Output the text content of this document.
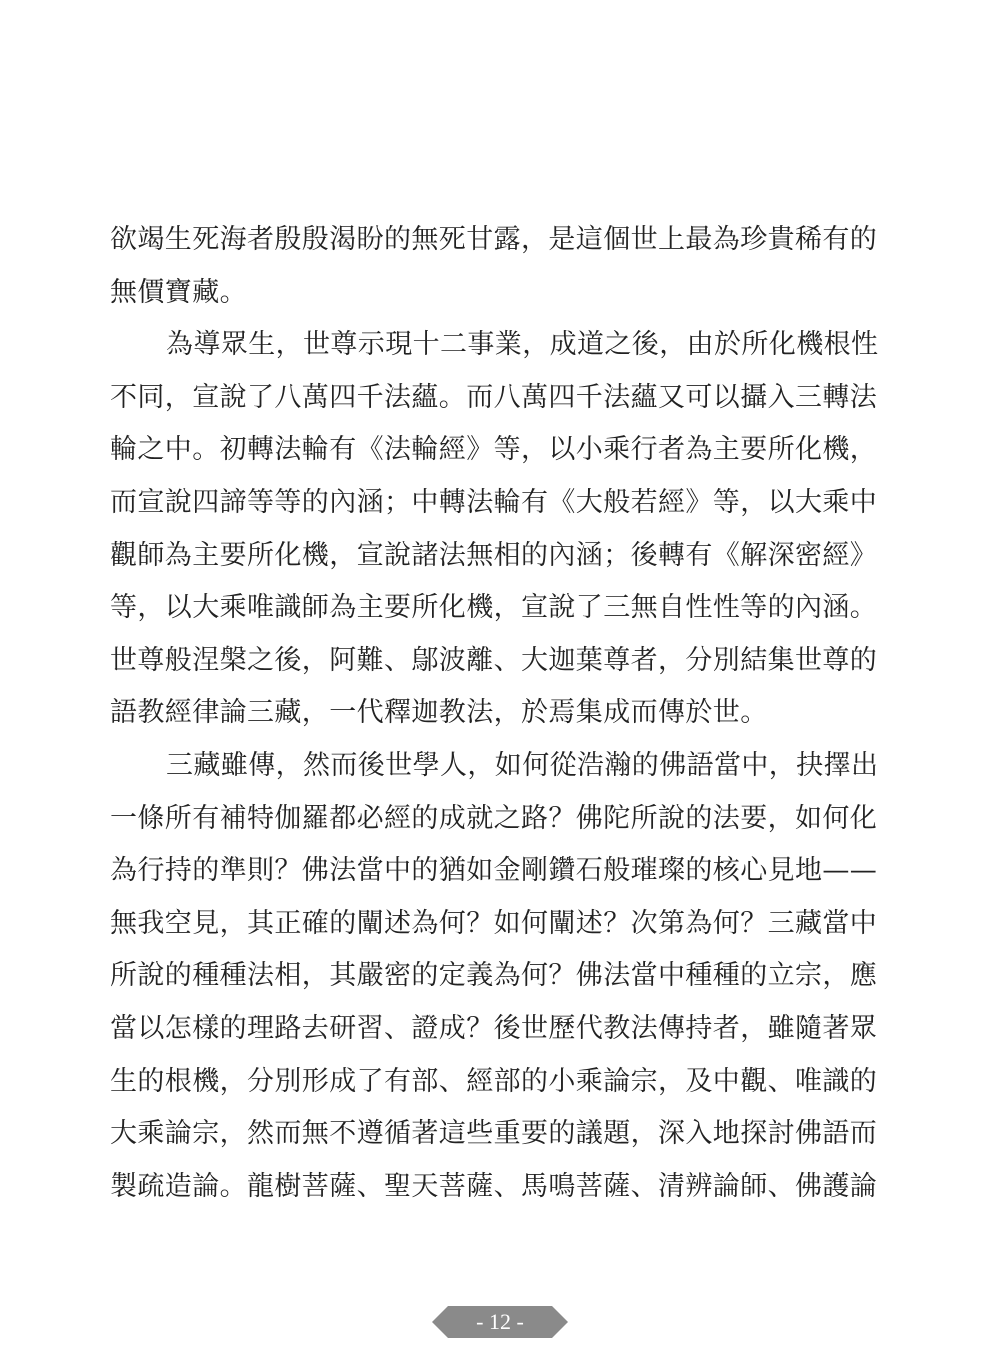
欲竭生死海者殷殷渴盼的無死甘露，是這個世上最為珍貴稀有的
無價寶藏。
為導眾生，世尊示現十二事業，成道之後，由於所化機根性
不同，宣說了八萬四千法蘊。而八萬四千法蘊又可以攝入三轉法
輪之中。初轉法輪有《法輪經》等，以小乘行者為主要所化機，
而宣說四諦等等的內涵；中轉法輪有《大般若經》等，以大乘中
觀師為主要所化機，宣說諸法無相的內涵；後轉有《解深密經》
等，以大乘唯識師為主要所化機，宣說了三無自性性等的內涵。
世尊般涅槃之後，阿難、鄔波離、大迦葉尊者，分別結集世尊的
語教經律論三藏，一代釋迦教法，於焉集成而傳於世。
三藏雖傳，然而後世學人，如何從浩瀚的佛語當中，抉擇出
一條所有補特伽羅都必經的成就之路？佛陀所說的法要，如何化
為行持的準則？佛法當中的猶如金剛鑽石般璀璨的核心見地——
無我空見，其正確的闡述為何？如何闡述？次第為何？三藏當中
所說的種種法相，其嚴密的定義為何？佛法當中種種的立宗，應
當以怎樣的理路去研習、證成？後世歷代教法傳持者，雖隨著眾
生的根機，分別形成了有部、經部的小乘論宗，及中觀、唯識的
大乘論宗，然而無不遵循著這些重要的議題，深入地探討佛語而
製疏造論。龍樹菩薩、聖天菩薩、馬鳴菩薩、清辨論師、佛護論
- 12 -
